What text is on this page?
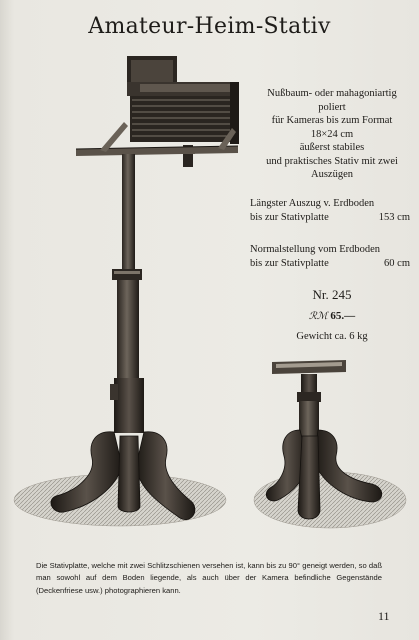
Amateur-Heim-Stativ
Nußbaum- oder mahagoniartig
poliert
für Kameras bis zum Format
18×24 cm
äußerst stabiles
und praktisches Stativ mit zwei
Auszügen
Längster Auszug v. Erdboden
bis zur Stativplatte	153 cm
Normalstellung vom Erdboden
bis zur Stativplatte	60 cm
Nr. 245
ℛℳ 65.—
Gewicht ca. 6 kg
Die Stativplatte, welche mit zwei Schlitzschienen versehen ist, kann bis zu 90° geneigt werden, so daß man sowohl auf dem Boden liegende, als auch über der Kamera befindliche Gegenstände (Deckenfriese usw.) photographieren kann.
11
